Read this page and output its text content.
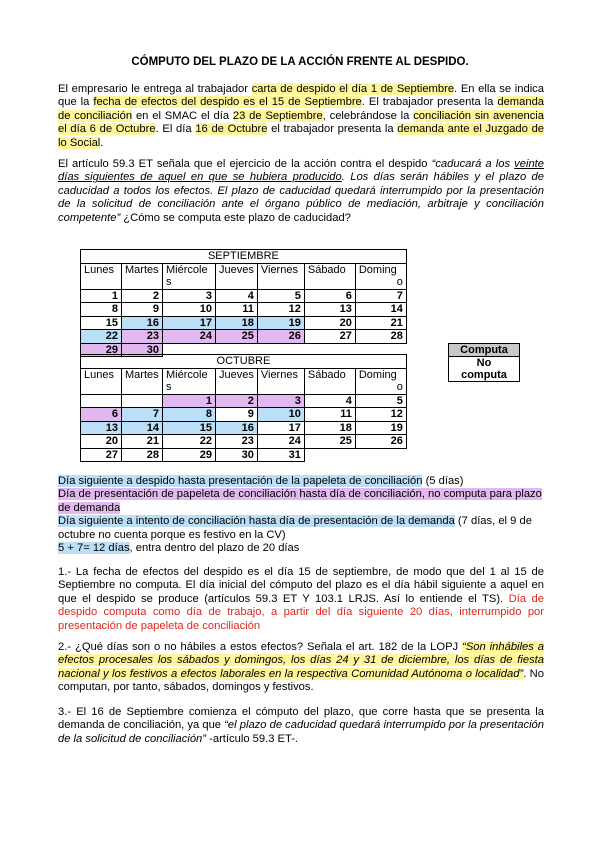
CÓMPUTO DEL PLAZO DE LA ACCIÓN FRENTE AL DESPIDO.
El empresario le entrega al trabajador carta de despido el día 1 de Septiembre. En ella se indica que la fecha de efectos del despido es el 15 de Septiembre. El trabajador presenta la demanda de conciliación en el SMAC el día 23 de Septiembre, celebrándose la conciliación sin avenencia el día 6 de Octubre. El día 16 de Octubre el trabajador presenta la demanda ante el Juzgado de lo Social.
El artículo 59.3 ET señala que el ejercicio de la acción contra el despido “caducará a los veinte días siguientes de aquel en que se hubiera producido. Los días serán hábiles y el plazo de caducidad a todos los efectos. El plazo de caducidad quedará interrumpido por la presentación de la solicitud de conciliación ante el órgano público de mediación, arbitraje y conciliación competente” ¿Cómo se computa este plazo de caducidad?
SEPTIEMBRE						
Lunes	Martes	Miércole	Jueves	Viernes	Sábado	Doming
		s				o
1	2	3	4	5	6	7
8	9	10	11	12	13	14
15	16	17	18	19	20	21
22	23	24	25	26	27	28
29	30					
OCTUBRE						
Lunes	Martes	Miércole	Jueves	Viernes	Sábado	Doming
		s				o
		1	2	3	4	5
6	7	8	9	10	11	12
13	14	15	16	17	18	19
20	21	22	23	24	25	26
27	28	29	30	31		
Computa
No computa
Día siguiente a despido hasta presentación de la papeleta de conciliación (5 días)
Día de presentación de papeleta de conciliación hasta día de conciliación, no computa para plazo de demanda
Día siguiente a intento de conciliación hasta día de presentación de la demanda (7 días, el 9 de octubre no cuenta porque es festivo en la CV)
5 + 7= 12 días, entra dentro del plazo de 20 días
1.- La fecha de efectos del despido es el día 15 de septiembre, de modo que del 1 al 15 de Septiembre no computa. El día inicial del cómputo del plazo es el día hábil siguiente a aquel en que el despido se produce (artículos 59.3 ET Y 103.1 LRJS. Así lo entiende el TS). Día de despido computa como día de trabajo, a partir del día siguiente 20 días, interrumpido por presentación de papeleta de conciliación
2.- ¿Qué días son o no hábiles a estos efectos? Señala el art. 182 de la LOPJ “Son inhábiles a efectos procesales los sábados y domingos, los días 24 y 31 de diciembre, los días de fiesta nacional y los festivos a efectos laborales en la respectiva Comunidad Autónoma o localidad”. No computan, por tanto, sábados, domingos y festivos.
3.- El 16 de Septiembre comienza el cómputo del plazo, que corre hasta que se presenta la demanda de conciliación, ya que “el plazo de caducidad quedará interrumpido por la presentación de la solicitud de conciliación” -artículo 59.3 ET-.
